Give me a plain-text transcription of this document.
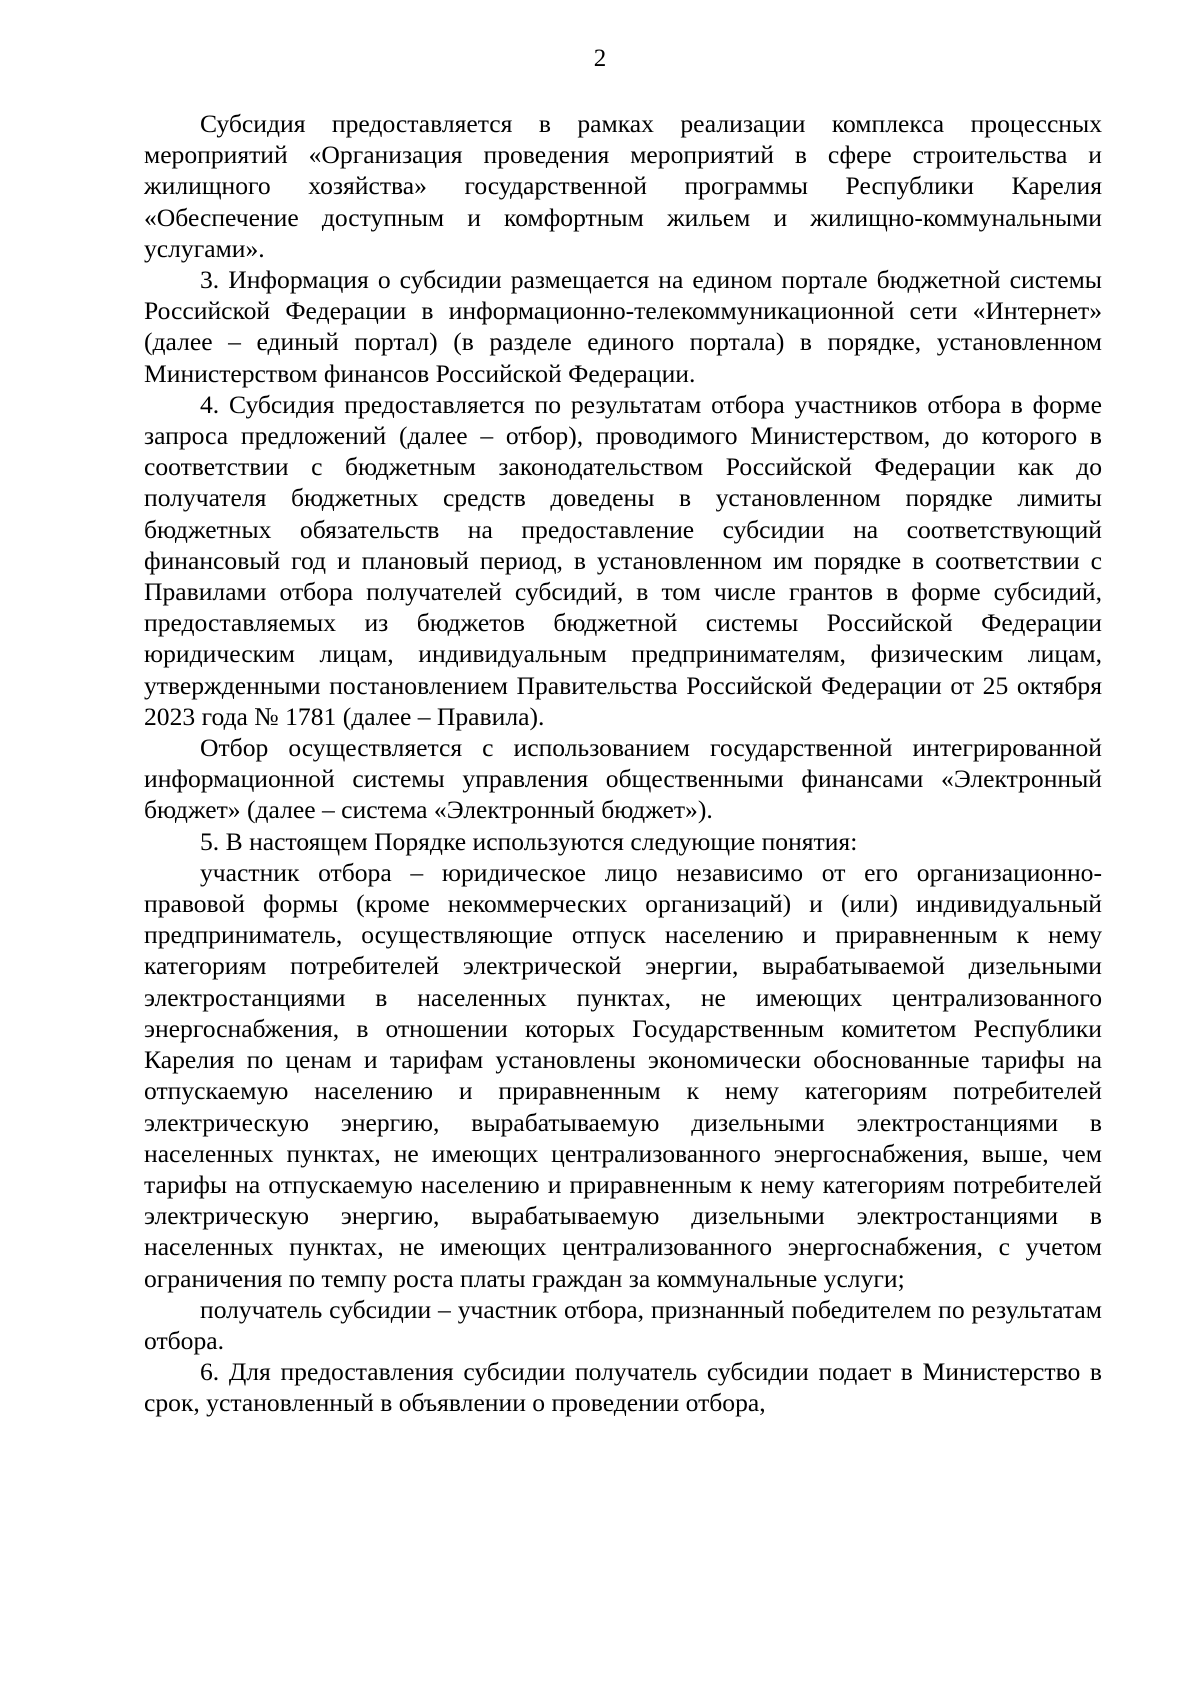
2

Субсидия предоставляется в рамках реализации комплекса процессных мероприятий «Организация проведения мероприятий в сфере строительства и жилищного хозяйства» государственной программы Республики Карелия «Обеспечение доступным и комфортным жильем и жилищно-коммунальными услугами».

3. Информация о субсидии размещается на едином портале бюджетной системы Российской Федерации в информационно-телекоммуникационной сети «Интернет» (далее – единый портал) (в разделе единого портала) в порядке, установленном Министерством финансов Российской Федерации.

4. Субсидия предоставляется по результатам отбора участников отбора в форме запроса предложений (далее – отбор), проводимого Министерством, до которого в соответствии с бюджетным законодательством Российской Федерации как до получателя бюджетных средств доведены в установленном порядке лимиты бюджетных обязательств на предоставление субсидии на соответствующий финансовый год и плановый период, в установленном им порядке в соответствии с Правилами отбора получателей субсидий, в том числе грантов в форме субсидий, предоставляемых из бюджетов бюджетной системы Российской Федерации юридическим лицам, индивидуальным предпринимателям, физическим лицам, утвержденными постановлением Правительства Российской Федерации от 25 октября 2023 года № 1781 (далее – Правила).

Отбор осуществляется с использованием государственной интегрированной информационной системы управления общественными финансами «Электронный бюджет» (далее – система «Электронный бюджет»).

5. В настоящем Порядке используются следующие понятия:

участник отбора – юридическое лицо независимо от его организационно-правовой формы (кроме некоммерческих организаций) и (или) индивидуальный предприниматель, осуществляющие отпуск населению и приравненным к нему категориям потребителей электрической энергии, вырабатываемой дизельными электростанциями в населенных пунктах, не имеющих централизованного энергоснабжения, в отношении которых Государственным комитетом Республики Карелия по ценам и тарифам установлены экономически обоснованные тарифы на отпускаемую населению и приравненным к нему категориям потребителей электрическую энергию, вырабатываемую дизельными электростанциями в населенных пунктах, не имеющих централизованного энергоснабжения, выше, чем тарифы на отпускаемую населению и приравненным к нему категориям потребителей электрическую энергию, вырабатываемую дизельными электростанциями в населенных пунктах, не имеющих централизованного энергоснабжения, с учетом ограничения по темпу роста платы граждан за коммунальные услуги;

получатель субсидии – участник отбора, признанный победителем по результатам отбора.

6. Для предоставления субсидии получатель субсидии подает в Министерство в срок, установленный в объявлении о проведении отбора,
